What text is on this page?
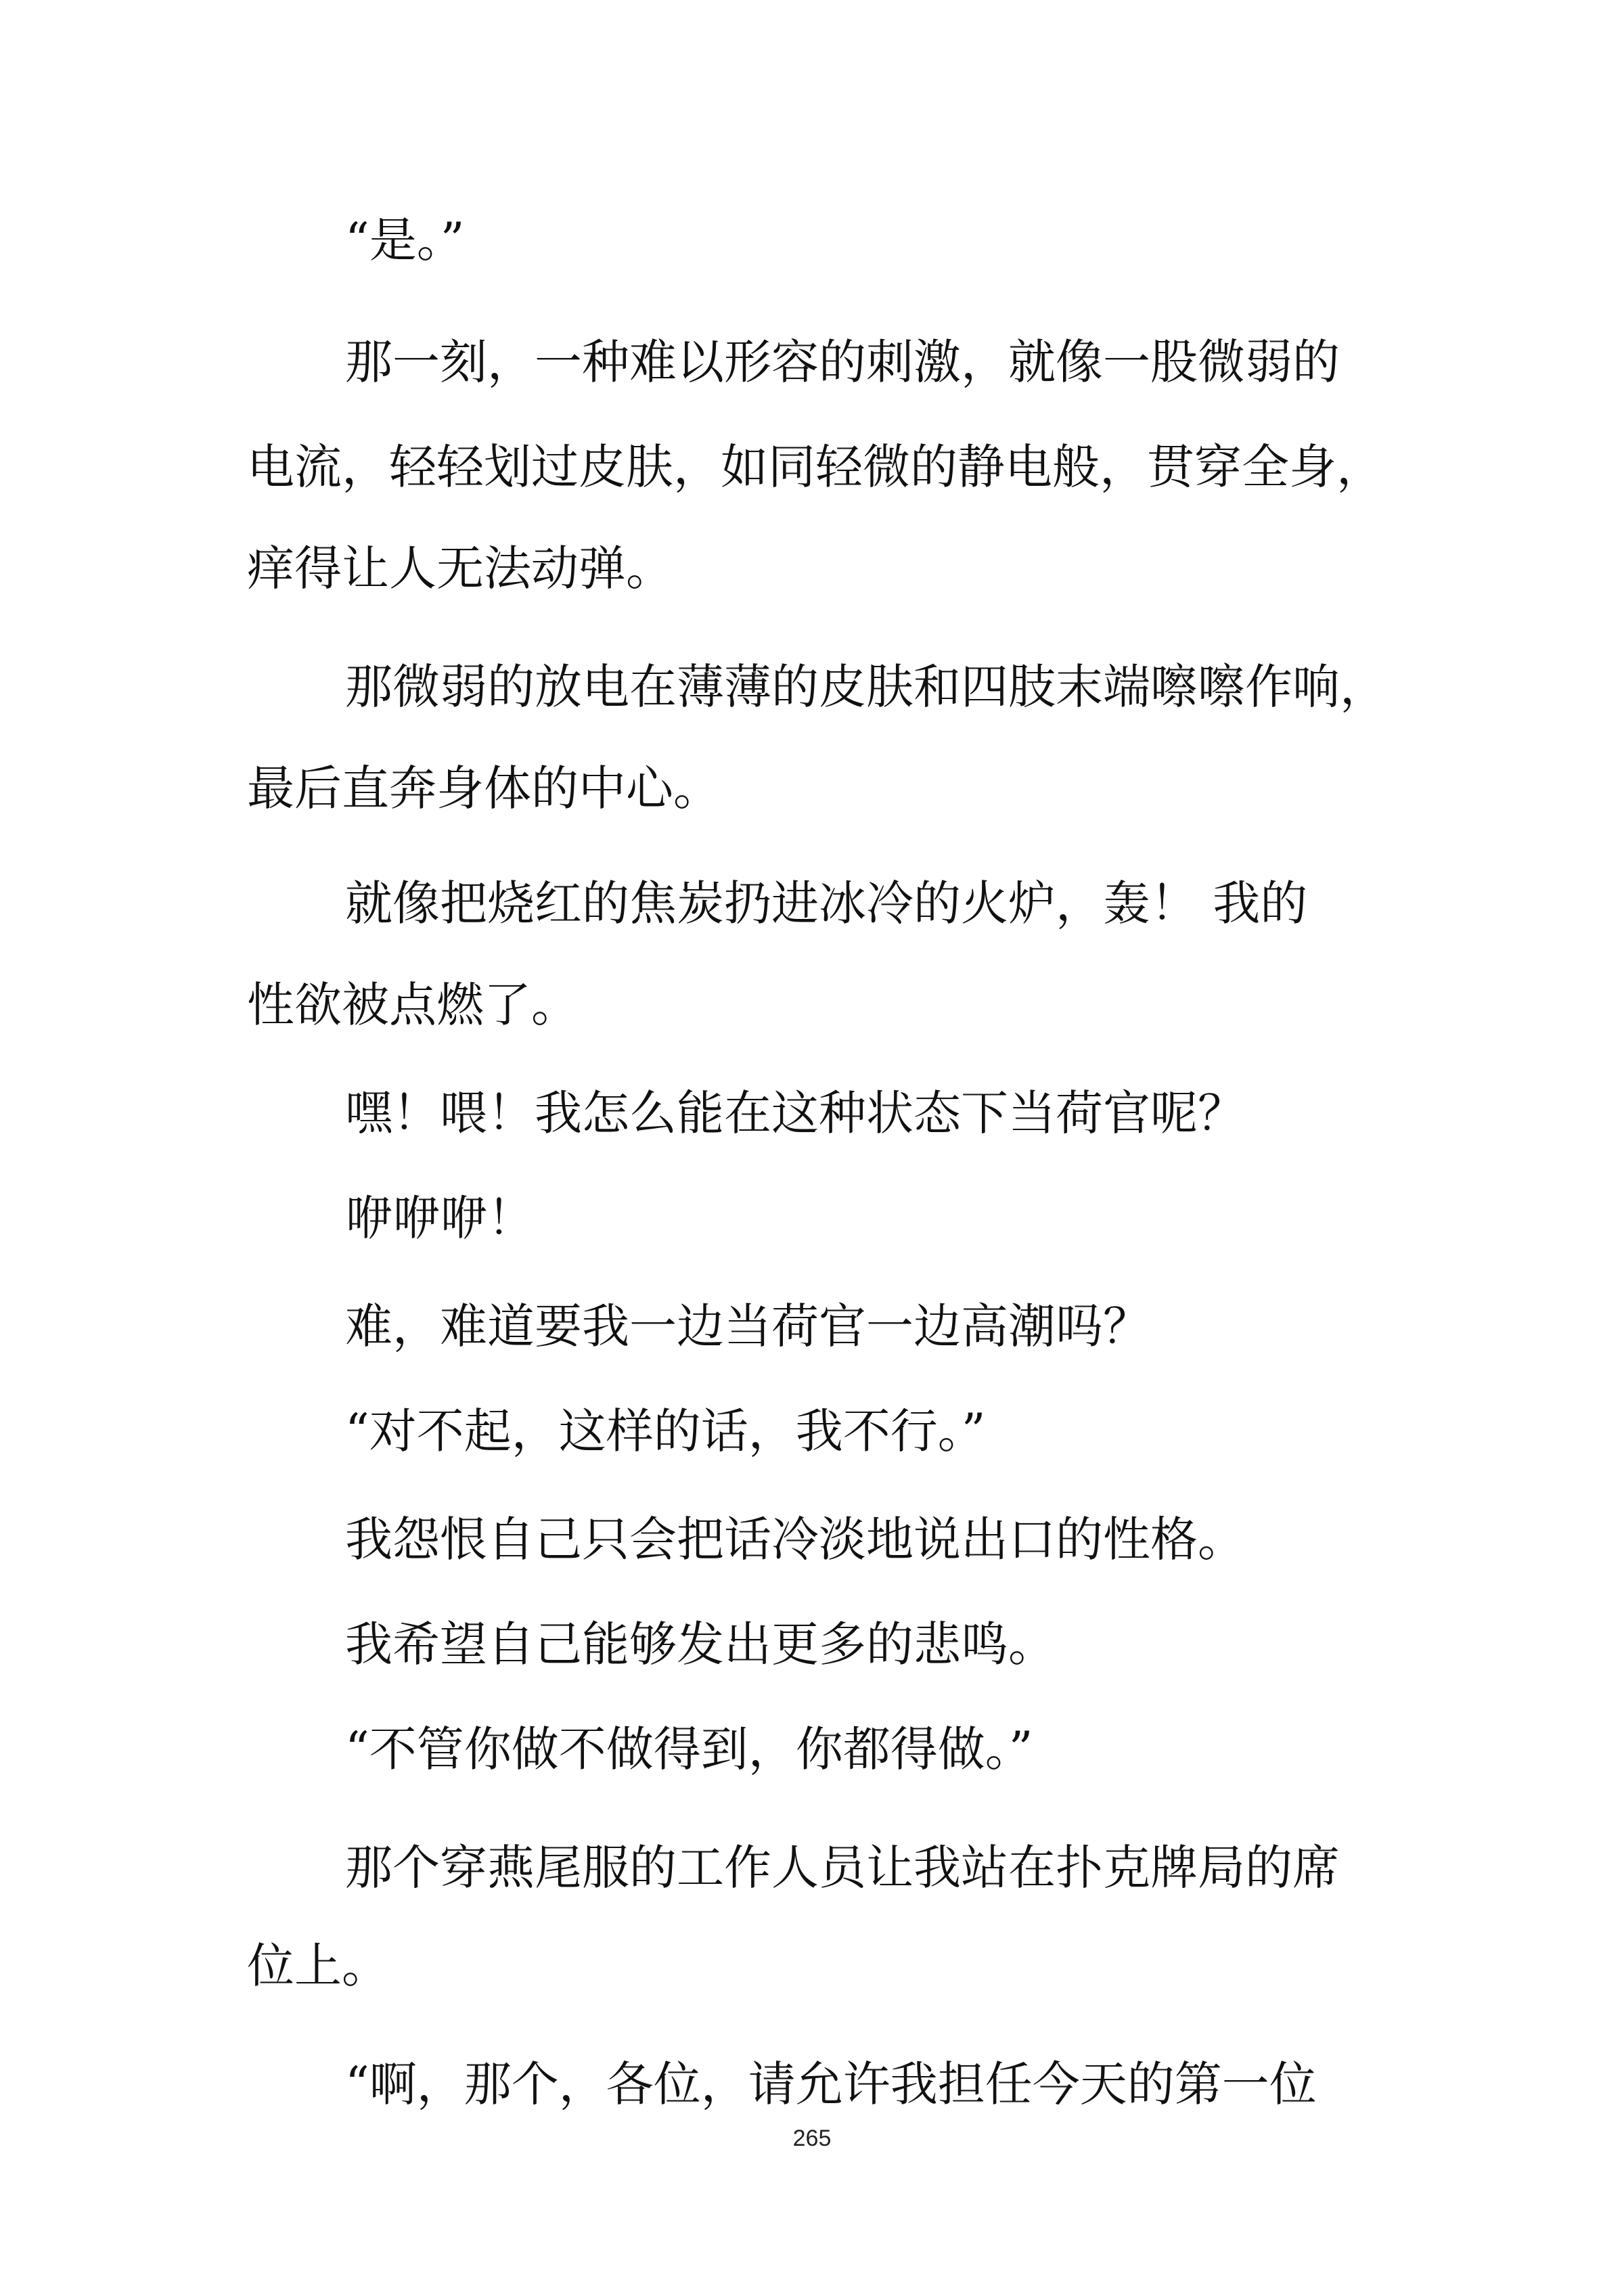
“是。”
那一刻，一种难以形容的刺激，就像一股微弱的
电流，轻轻划过皮肤，如同轻微的静电般，贯穿全身，
痒得让人无法动弹。
那微弱的放电在薄薄的皮肤和四肢末端嚓嚓作响，
最后直奔身体的中心。
就像把烧红的焦炭扔进冰冷的火炉，轰！ 我的
性欲被点燃了。
嘿！喂！我怎么能在这种状态下当荷官呢？
咿咿咿！
难，难道要我一边当荷官一边高潮吗？
“对不起，这样的话，我不行。”
我怨恨自己只会把话冷淡地说出口的性格。
我希望自己能够发出更多的悲鸣。
“不管你做不做得到，你都得做。”
那个穿燕尾服的工作人员让我站在扑克牌局的席
位上。
“啊，那个，各位，请允许我担任今天的第一位
265
